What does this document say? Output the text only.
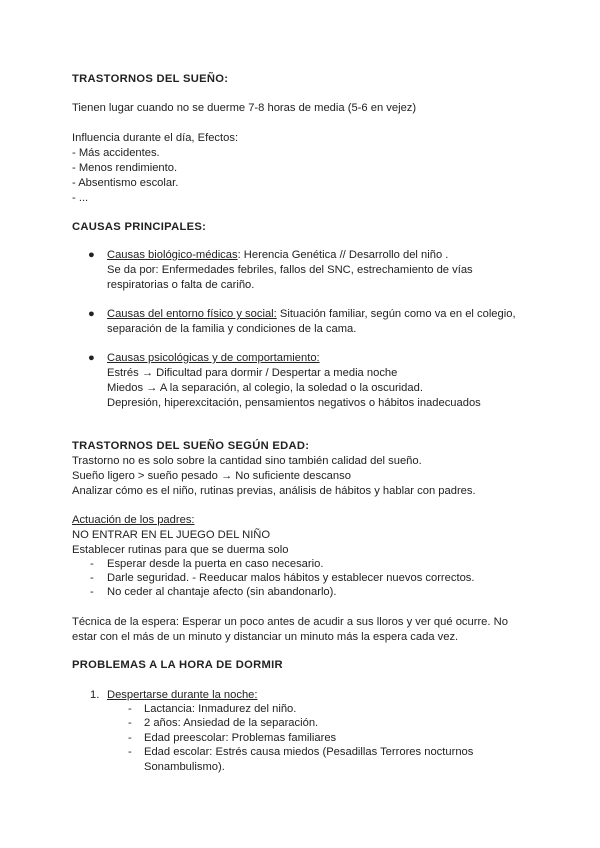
TRASTORNOS DEL SUEÑO:
Tienen lugar cuando no se duerme 7-8 horas de media (5-6 en vejez)
Influencia durante el día, Efectos:
- Más accidentes.
- Menos rendimiento.
- Absentismo escolar.
- ...
CAUSAS PRINCIPALES:
●	Causas biológico-médicas: Herencia Genética // Desarrollo del niño .
Se da por: Enfermedades febriles, fallos del SNC, estrechamiento de vías
respiratorias o falta de cariño.
●	Causas del entorno físico y social: Situación familiar, según como va en el colegio,
separación de la familia y condiciones de la cama.
●	Causas psicológicas y de comportamiento:
Estrés → Dificultad para dormir / Despertar a media noche
Miedos → A la separación, al colegio, la soledad o la oscuridad.
Depresión, hiperexcitación, pensamientos negativos o hábitos inadecuados
TRASTORNOS DEL SUEÑO SEGÚN EDAD:
Trastorno no es solo sobre la cantidad sino también calidad del sueño.
Sueño ligero > sueño pesado → No suficiente descanso
Analizar cómo es el niño, rutinas previas, análisis de hábitos y hablar con padres.
Actuación de los padres:
NO ENTRAR EN EL JUEGO DEL NIÑO
Establecer rutinas para que se duerma solo
- Esperar desde la puerta en caso necesario.
- Darle seguridad. - Reeducar malos hábitos y establecer nuevos correctos.
- No ceder al chantaje afecto (sin abandonarlo).
Técnica de la espera: Esperar un poco antes de acudir a sus lloros y ver qué ocurre. No
estar con el más de un minuto y distanciar un minuto más la espera cada vez.
PROBLEMAS A LA HORA DE DORMIR
1. Despertarse durante la noche:
- Lactancia: Inmadurez del niño.
- 2 años: Ansiedad de la separación.
- Edad preescolar: Problemas familiares
- Edad escolar: Estrés causa miedos (Pesadillas Terrores nocturnos
Sonambulismo).
